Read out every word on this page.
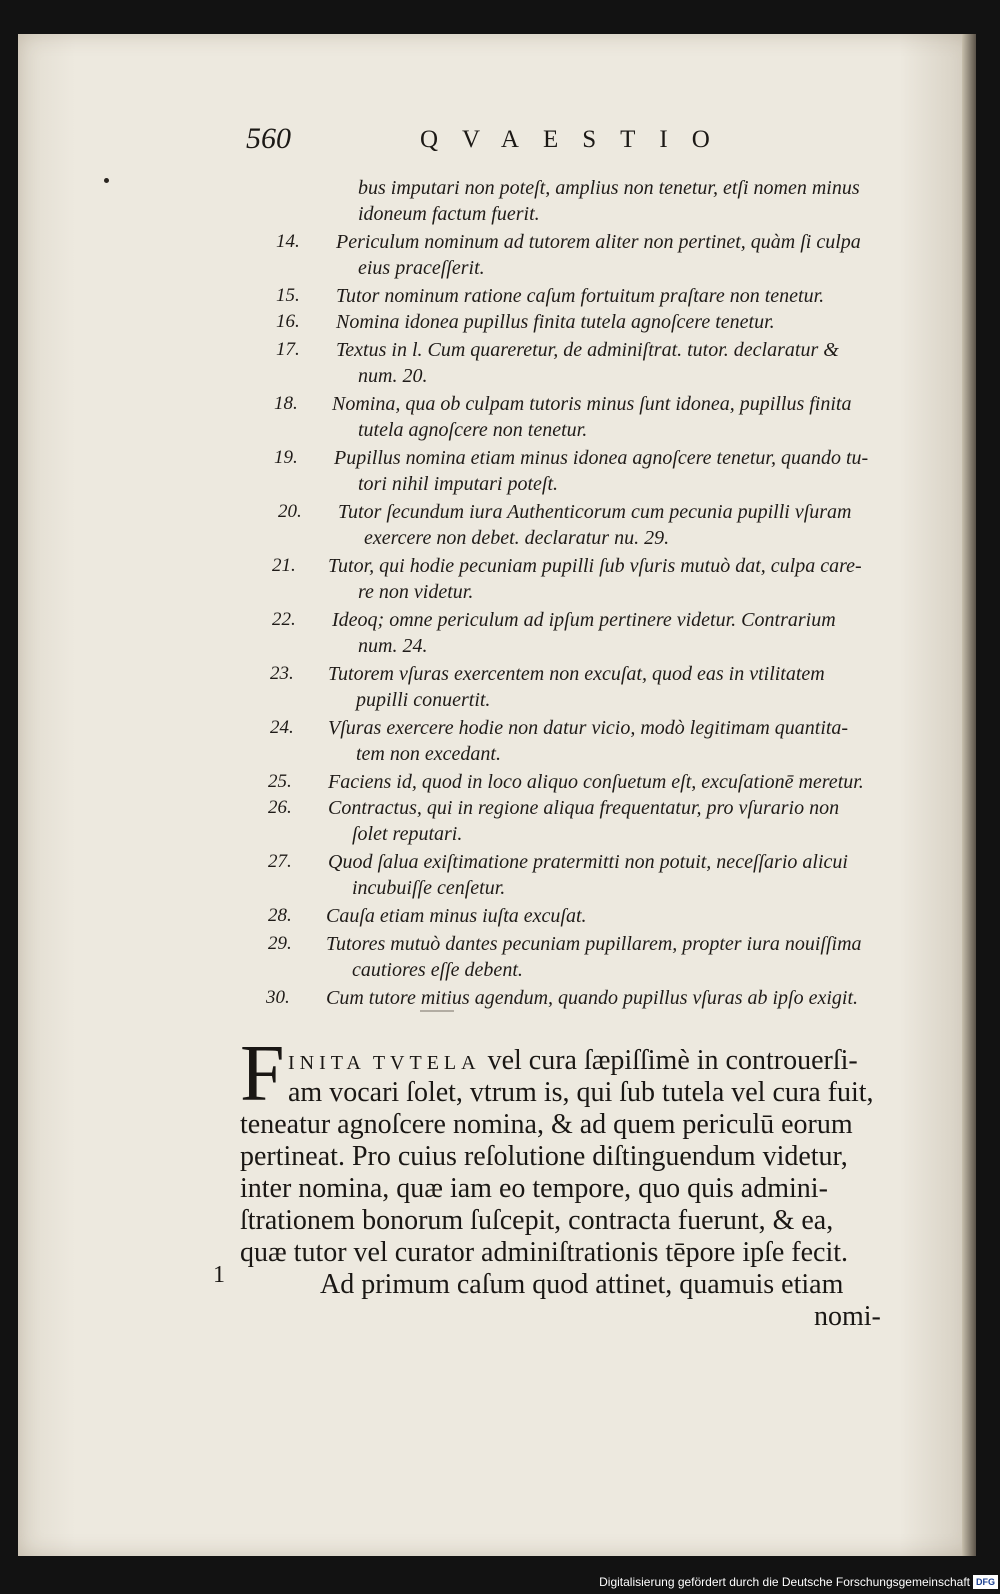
560	QVAESTIO
bus imputari non poteſt, amplius non tenetur, etſi nomen minus
idoneum factum fuerit.
14. Periculum nominum ad tutorem aliter non pertinet, quàm ſi culpa
eius praceſſerit.
15. Tutor nominum ratione caſum fortuitum praſtare non tenetur.
16. Nomina idonea pupillus finita tutela agnoſcere tenetur.
17. Textus in l. Cum quareretur, de adminiſtrat. tutor. declaratur &
num. 20.
18. Nomina, qua ob culpam tutoris minus ſunt idonea, pupillus finita
tutela agnoſcere non tenetur.
19. Pupillus nomina etiam minus idonea agnoſcere tenetur, quando tu-
tori nihil imputari poteſt.
20. Tutor ſecundum iura Authenticorum cum pecunia pupilli vſuram
exercere non debet. declaratur nu. 29.
21. Tutor, qui hodie pecuniam pupilli ſub vſuris mutuò dat, culpa care-
re non videtur.
22. Ideoq; omne periculum ad ipſum pertinere videtur. Contrarium
num. 24.
23. Tutorem vſuras exercentem non excuſat, quod eas in vtilitatem
pupilli conuertit.
24. Vſuras exercere hodie non datur vicio, modò legitimam quantita-
tem non excedant.
25. Faciens id, quod in loco aliquo conſuetum eſt, excuſationē meretur.
26. Contractus, qui in regione aliqua frequentatur, pro vſurario non
ſolet reputari.
27. Quod ſalua exiſtimatione pratermitti non potuit, neceſſario alicui
incubuiſſe cenſetur.
28. Cauſa etiam minus iuſta excuſat.
29. Tutores mutuò dantes pecuniam pupillarem, propter iura nouiſſima
cautiores eſſe debent.
30. Cum tutore mitius agendum, quando pupillus vſuras ab ipſo exigit.
F INITA TVTELA vel cura ſæpiſſimè in controuerſi-
am vocari ſolet, vtrum is, qui ſub tutela vel cura fuit,
teneatur agnoſcere nomina, & ad quem periculū eorum
pertineat. Pro cuius reſolutione diſtinguendum videtur,
inter nomina, quæ iam eo tempore, quo quis admini-
ſtrationem bonorum ſuſcepit, contracta fuerunt, & ea,
quæ tutor vel curator adminiſtrationis tēpore ipſe fecit.
1	Ad primum caſum quod attinet, quamuis etiam
nomi-
Digitalisierung gefördert durch die Deutsche Forschungsgemeinschaft DFG
